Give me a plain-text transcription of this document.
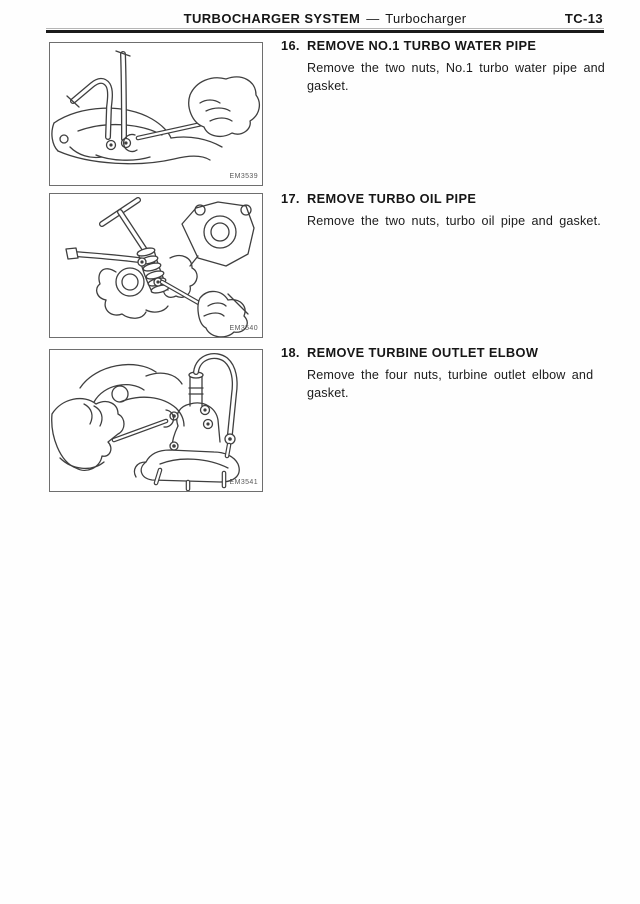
TURBOCHARGER SYSTEM — Turbocharger	TC-13
EM3539
EM3540
EM3541
16. REMOVE NO.1 TURBO WATER PIPE

Remove the two nuts, No.1 turbo water pipe and gasket.

17. REMOVE TURBO OIL PIPE

Remove the two nuts, turbo oil pipe and gasket.

18. REMOVE TURBINE OUTLET ELBOW

Remove the four nuts, turbine outlet elbow and gasket.
